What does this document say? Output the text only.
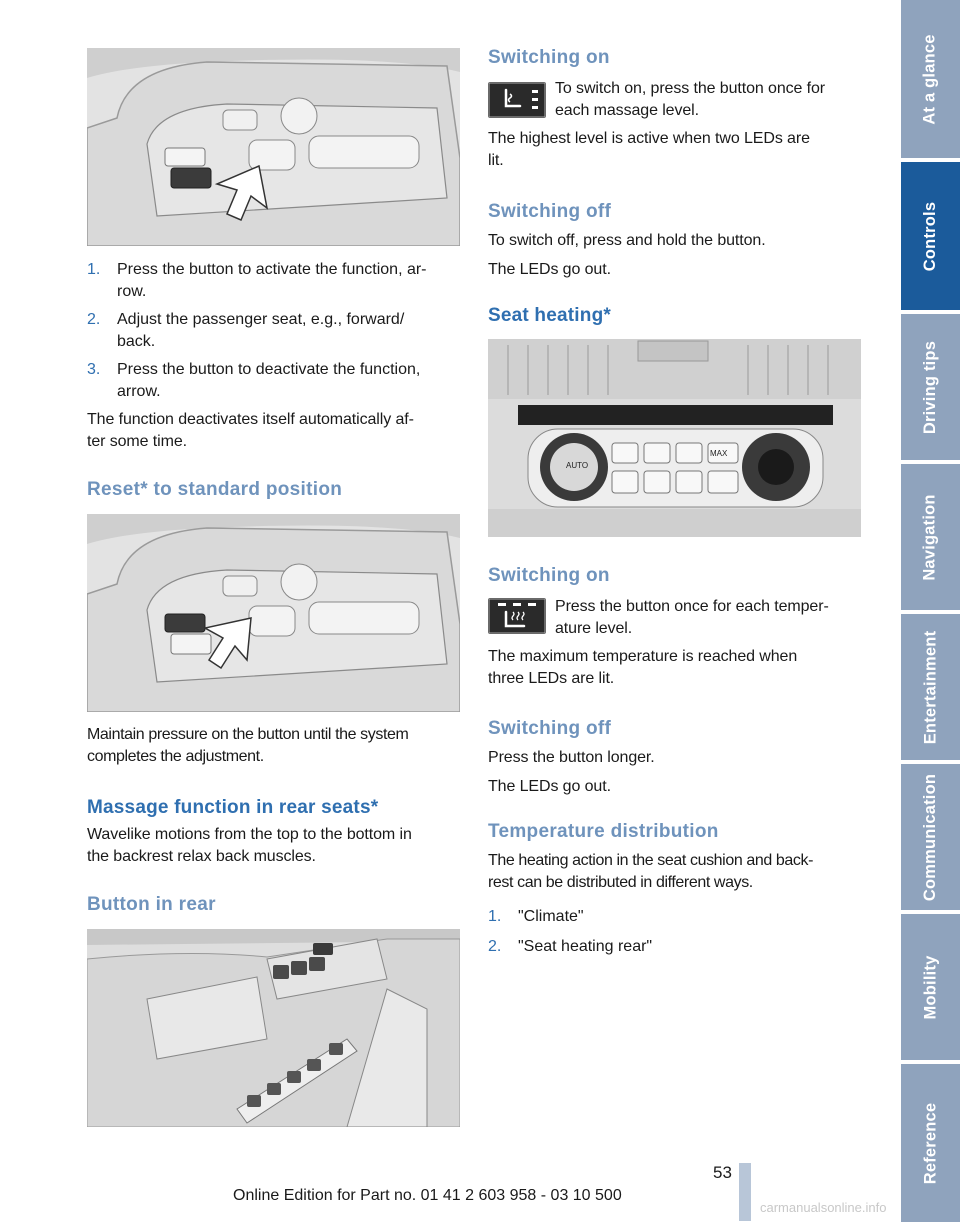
1.	Press the button to activate the function, ar‐
row.
2.	Adjust the passenger seat, e.g., forward/
back.
3.	Press the button to deactivate the function,
arrow.
The function deactivates itself automatically af‐
ter some time.
Reset* to standard position
Maintain pressure on the button until the system
completes the adjustment.
Massage function in rear seats*
Wavelike motions from the top to the bottom in
the backrest relax back muscles.
Button in rear
Switching on
To switch on, press the button once for
each massage level.
The highest level is active when two LEDs are
lit.
Switching off
To switch off, press and hold the button.
The LEDs go out.
Seat heating*
AUTO
MAX
Switching on
Press the button once for each temper‐
ature level.
The maximum temperature is reached when
three LEDs are lit.
Switching off
Press the button longer.
The LEDs go out.
Temperature distribution
The heating action in the seat cushion and back‐
rest can be distributed in different ways.
1.	"Climate"
2.	"Seat heating rear"
At a glance
Controls
Driving tips
Navigation
Entertainment
Communication
Mobility
Reference
53
Online Edition for Part no. 01 41 2 603 958 - 03 10 500
carmanualsonline.info
